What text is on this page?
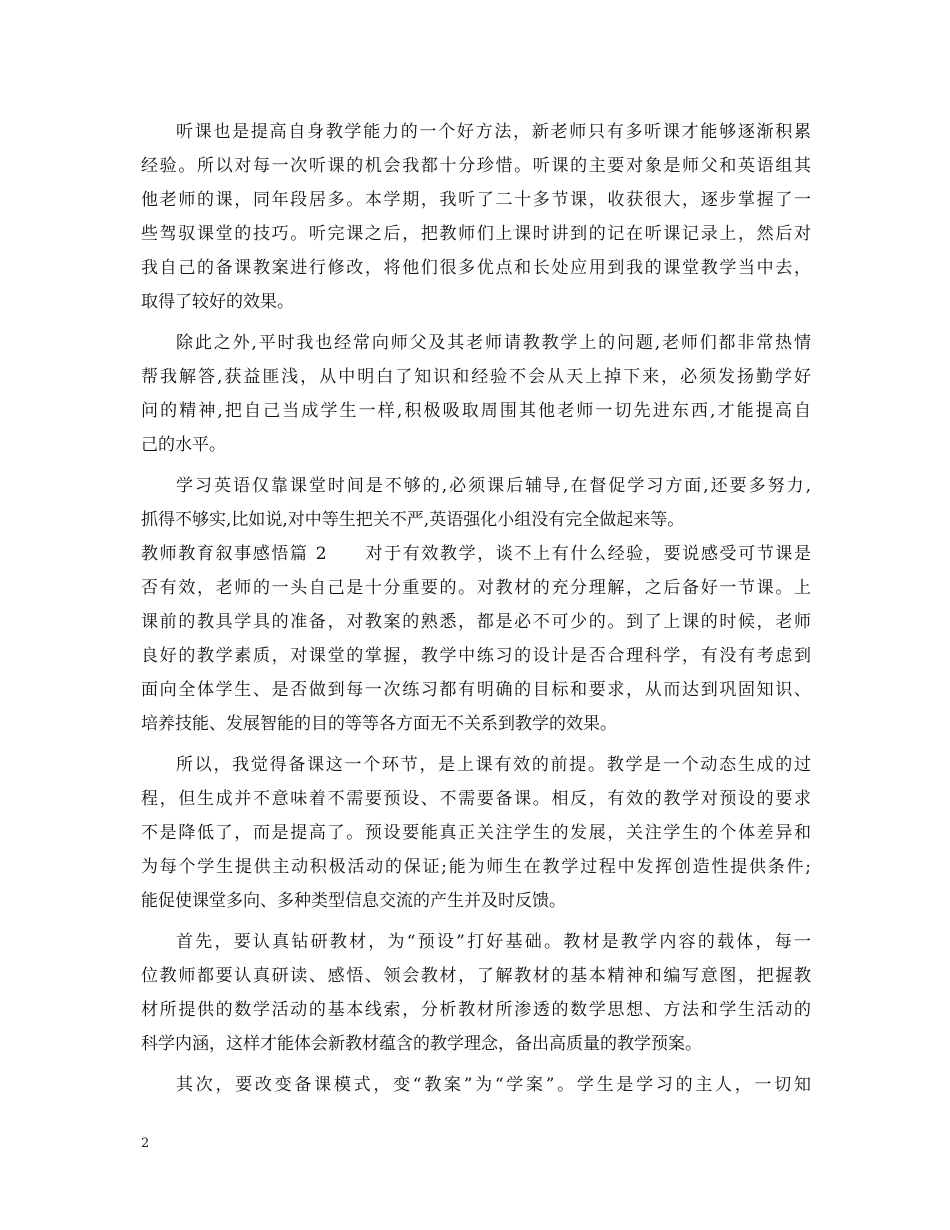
听课也是提高自身教学能力的一个好方法，新老师只有多听课才能够逐渐积累
经验。所以对每一次听课的机会我都十分珍惜。听课的主要对象是师父和英语组其
他老师的课，同年段居多。本学期，我听了二十多节课，收获很大，逐步掌握了一
些驾驭课堂的技巧。听完课之后，把教师们上课时讲到的记在听课记录上，然后对
我自己的备课教案进行修改，将他们很多优点和长处应用到我的课堂教学当中去，
取得了较好的效果。
除此之外,平时我也经常向师父及其老师请教教学上的问题,老师们都非常热情
帮我解答,获益匪浅，从中明白了知识和经验不会从天上掉下来，必须发扬勤学好
问的精神,把自己当成学生一样,积极吸取周围其他老师一切先进东西,才能提高自
己的水平。
学习英语仅靠课堂时间是不够的,必须课后辅导,在督促学习方面,还要多努力,
抓得不够实,比如说,对中等生把关不严,英语强化小组没有完全做起来等。
教师教育叙事感悟篇 2　　对于有效教学，谈不上有什么经验，要说感受可节课是
否有效，老师的一头自己是十分重要的。对教材的充分理解，之后备好一节课。上
课前的教具学具的准备，对教案的熟悉，都是必不可少的。到了上课的时候，老师
良好的教学素质，对课堂的掌握，教学中练习的设计是否合理科学，有没有考虑到
面向全体学生、是否做到每一次练习都有明确的目标和要求，从而达到巩固知识、
培养技能、发展智能的目的等等各方面无不关系到教学的效果。
所以，我觉得备课这一个环节，是上课有效的前提。教学是一个动态生成的过
程，但生成并不意味着不需要预设、不需要备课。相反，有效的教学对预设的要求
不是降低了，而是提高了。预设要能真正关注学生的发展，关注学生的个体差异和
为每个学生提供主动积极活动的保证;能为师生在教学过程中发挥创造性提供条件;
能促使课堂多向、多种类型信息交流的产生并及时反馈。
首先，要认真钻研教材，为“预设”打好基础。教材是教学内容的载体，每一
位教师都要认真研读、感悟、领会教材，了解教材的基本精神和编写意图，把握教
材所提供的数学活动的基本线索，分析教材所渗透的数学思想、方法和学生活动的
科学内涵，这样才能体会新教材蕴含的教学理念，备出高质量的教学预案。
其次，要改变备课模式，变“教案”为“学案”。学生是学习的主人，一切知
2
